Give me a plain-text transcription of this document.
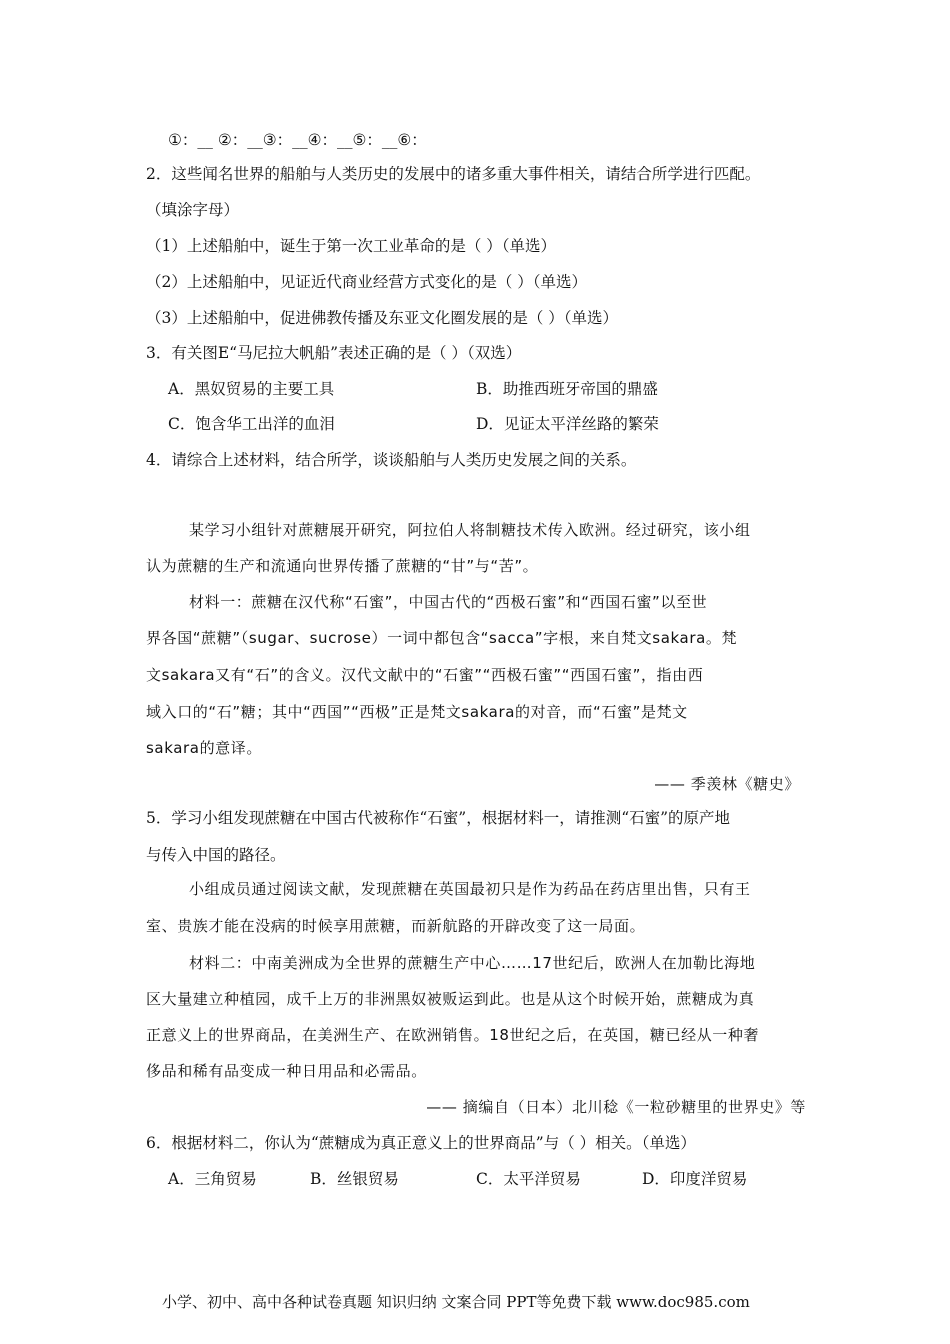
①：__ ②：__③：__④：__⑤：__⑥：
2．这些闻名世界的船舶与人类历史的发展中的诸多重大事件相关，请结合所学进行匹配。
（填涂字母）
（1）上述船舶中，诞生于第一次工业革命的是（ ）（单选）
（2）上述船舶中，见证近代商业经营方式变化的是（ ）（单选）
（3）上述船舶中，促进佛教传播及东亚文化圈发展的是（ ）（单选）
3．有关图E“马尼拉大帆船”表述正确的是（ ）（双选）
A．黑奴贸易的主要工具	B．助推西班牙帝国的鼎盛
C．饱含华工出洋的血泪	D．见证太平洋丝路的繁荣
4．请综合上述材料，结合所学，谈谈船舶与人类历史发展之间的关系。
某学习小组针对蔗糖展开研究，阿拉伯人将制糖技术传入欧洲。经过研究，该小组
认为蔗糖的生产和流通向世界传播了蔗糖的“甘”与“苦”。
材料一：蔗糖在汉代称“石蜜”，中国古代的“西极石蜜”和“西国石蜜”以至世
界各国“蔗糖”（sugar、sucrose）一词中都包含“sacca”字根，来自梵文sakara。梵
文sakara又有“石”的含义。汉代文献中的“石蜜”“西极石蜜”“西国石蜜”，指由西
域入口的“石”糖；其中“西国”“西极”正是梵文sakara的对音，而“石蜜”是梵文
sakara的意译。
—— 季羡林《糖史》
5．学习小组发现蔗糖在中国古代被称作“石蜜”，根据材料一，请推测“石蜜”的原产地
与传入中国的路径。
小组成员通过阅读文献，发现蔗糖在英国最初只是作为药品在药店里出售，只有王
室、贵族才能在没病的时候享用蔗糖，而新航路的开辟改变了这一局面。
材料二：中南美洲成为全世界的蔗糖生产中心……17世纪后，欧洲人在加勒比海地
区大量建立种植园，成千上万的非洲黑奴被贩运到此。也是从这个时候开始，蔗糖成为真
正意义上的世界商品，在美洲生产、在欧洲销售。18世纪之后，在英国，糖已经从一种奢
侈品和稀有品变成一种日用品和必需品。
—— 摘编自（日本）北川稔《一粒砂糖里的世界史》等
6．根据材料二，你认为“蔗糖成为真正意义上的世界商品”与（ ）相关。（单选）
A．三角贸易	B．丝银贸易	C．太平洋贸易	D．印度洋贸易
小学、初中、高中各种试卷真题 知识归纳 文案合同 PPT等免费下载 www.doc985.com
